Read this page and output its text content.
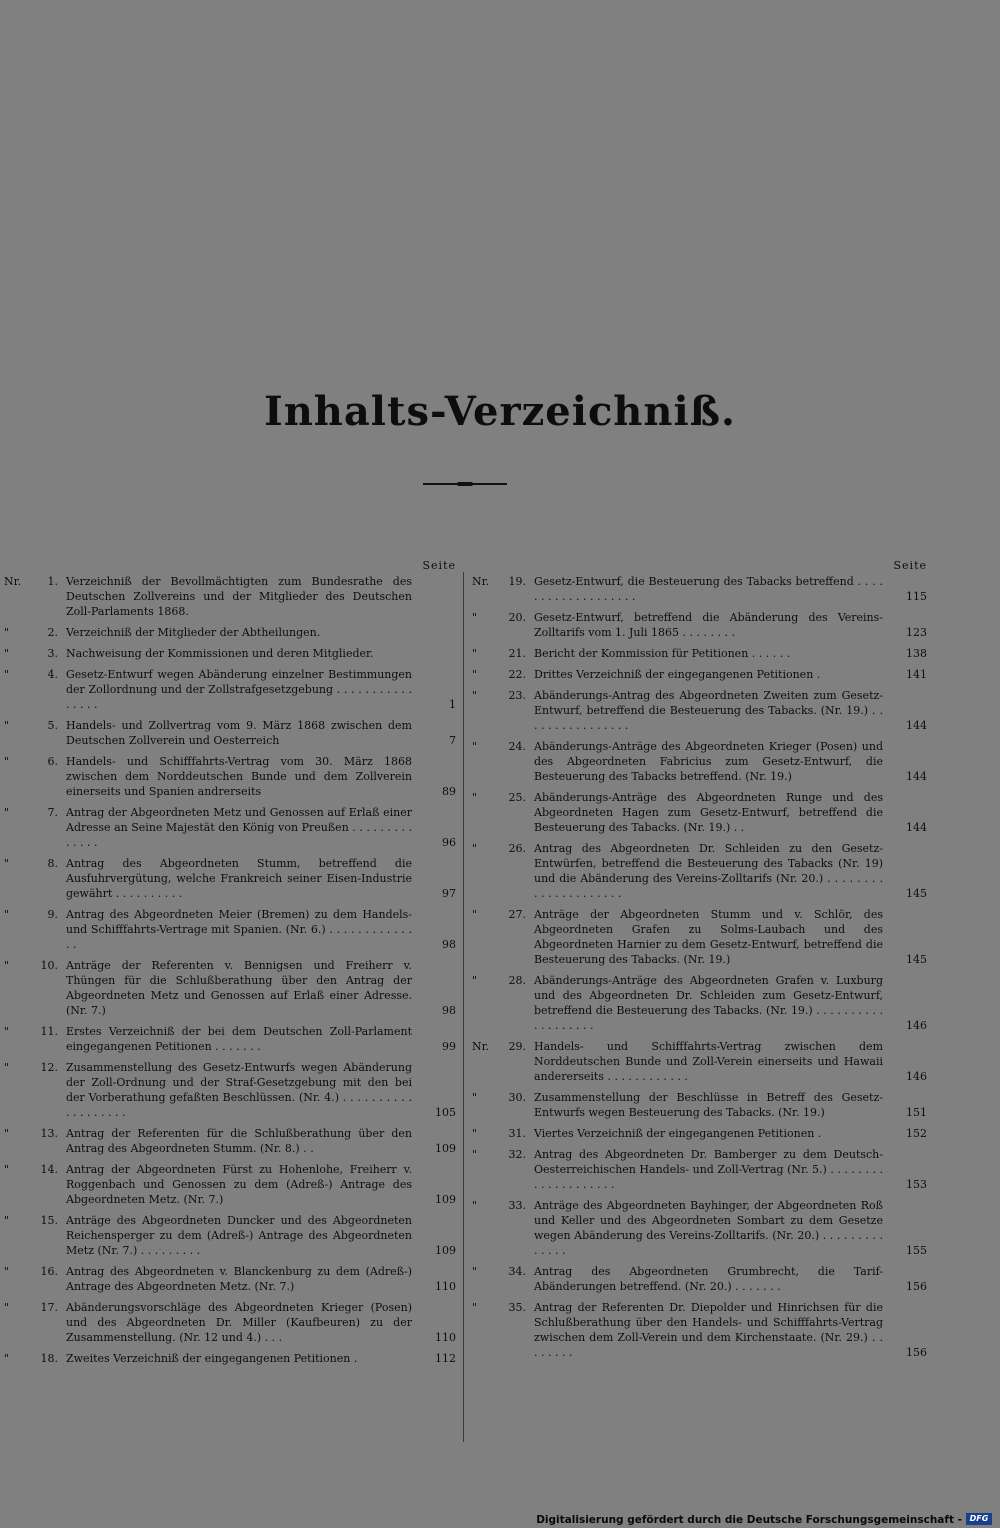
Inhalts-Verzeichniß.
Seite
Nr.	1. Verzeichniß der Bevollmächtigten zum Bundesrathe des Deutschen Zollvereins und der Mitglieder des Deutschen Zoll-Parlaments 1868.
"	2. Verzeichniß der Mitglieder der Abtheilungen.
"	3. Nachweisung der Kommissionen und deren Mitglieder.
"	4. Gesetz-Entwurf wegen Abänderung einzelner Bestimmungen der Zollordnung und der Zollstrafgesetzgebung . . . . . . . . . . . . . . . .	1
"	5. Handels- und Zollvertrag vom 9. März 1868 zwischen dem Deutschen Zollverein und Oesterreich	7
"	6. Handels- und Schifffahrts-Vertrag vom 30. März 1868 zwischen dem Norddeutschen Bunde und dem Zollverein einerseits und Spanien andrerseits	89
"	7. Antrag der Abgeordneten Metz und Genossen auf Erlaß einer Adresse an Seine Majestät den König von Preußen . . . . . . . . . . . . . .	96
"	8. Antrag des Abgeordneten Stumm, betreffend die Ausfuhrvergütung, welche Frankreich seiner Eisen-Industrie gewährt . . . . . . . . . .	97
"	9. Antrag des Abgeordneten Meier (Bremen) zu dem Handels- und Schifffahrts-Vertrage mit Spanien. (Nr. 6.) . . . . . . . . . . . . . .	98
"	10. Anträge der Referenten v. Bennigsen und Freiherr v. Thüngen für die Schlußberathung über den Antrag der Abgeordneten Metz und Genossen auf Erlaß einer Adresse. (Nr. 7.)	98
"	11. Erstes Verzeichniß der bei dem Deutschen Zoll-Parlament eingegangenen Petitionen . . . . . . .	99
"	12. Zusammenstellung des Gesetz-Entwurfs wegen Abänderung der Zoll-Ordnung und der Straf-Gesetzgebung mit den bei der Vorberathung gefaßten Beschlüssen. (Nr. 4.) . . . . . . . . . . . . . . . . . . .	105
"	13. Antrag der Referenten für die Schlußberathung über den Antrag des Abgeordneten Stumm. (Nr. 8.) . .	109
"	14. Antrag der Abgeordneten Fürst zu Hohenlohe, Freiherr v. Roggenbach und Genossen zu dem (Adreß-) Antrage des Abgeordneten Metz. (Nr. 7.)	109
"	15. Anträge des Abgeordneten Duncker und des Abgeordneten Reichensperger zu dem (Adreß-) Antrage des Abgeordneten Metz (Nr. 7.) . . . . . . . . .	109
"	16. Antrag des Abgeordneten v. Blanckenburg zu dem (Adreß-) Antrage des Abgeordneten Metz. (Nr. 7.)	110
"	17. Abänderungsvorschläge des Abgeordneten Krieger (Posen) und des Abgeordneten Dr. Miller (Kaufbeuren) zu der Zusammenstellung. (Nr. 12 und 4.) . . .	110
"	18. Zweites Verzeichniß der eingegangenen Petitionen .	112
Seite
Nr.	19. Gesetz-Entwurf, die Besteuerung des Tabacks betreffend . . . . . . . . . . . . . . . . . . .	115
"	20. Gesetz-Entwurf, betreffend die Abänderung des Vereins-Zolltarifs vom 1. Juli 1865 . . . . . . . .	123
"	21. Bericht der Kommission für Petitionen . . . . . .	138
"	22. Drittes Verzeichniß der eingegangenen Petitionen .	141
"	23. Abänderungs-Antrag des Abgeordneten Zweiten zum Gesetz-Entwurf, betreffend die Besteuerung des Tabacks. (Nr. 19.) . . . . . . . . . . . . . . . .	144
"	24. Abänderungs-Anträge des Abgeordneten Krieger (Posen) und des Abgeordneten Fabricius zum Gesetz-Entwurf, die Besteuerung des Tabacks betreffend. (Nr. 19.)	144
"	25. Abänderungs-Anträge des Abgeordneten Runge und des Abgeordneten Hagen zum Gesetz-Entwurf, betreffend die Besteuerung des Tabacks. (Nr. 19.) . .	144
"	26. Antrag des Abgeordneten Dr. Schleiden zu den Gesetz-Entwürfen, betreffend die Besteuerung des Tabacks (Nr. 19) und die Abänderung des Vereins-Zolltarifs (Nr. 20.) . . . . . . . . . . . . . . . . . . . . .	145
"	27. Anträge der Abgeordneten Stumm und v. Schlör, des Abgeordneten Grafen zu Solms-Laubach und des Abgeordneten Harnier zu dem Gesetz-Entwurf, betreffend die Besteuerung des Tabacks. (Nr. 19.)	145
"	28. Abänderungs-Anträge des Abgeordneten Grafen v. Luxburg und des Abgeordneten Dr. Schleiden zum Gesetz-Entwurf, betreffend die Besteuerung des Tabacks. (Nr. 19.) . . . . . . . . . . . . . . . . . . .	146
Nr.	29. Handels- und Schifffahrts-Vertrag zwischen dem Norddeutschen Bunde und Zoll-Verein einerseits und Hawaii andererseits . . . . . . . . . . . .	146
"	30. Zusammenstellung der Beschlüsse in Betreff des Gesetz-Entwurfs wegen Besteuerung des Tabacks. (Nr. 19.)	151
"	31. Viertes Verzeichniß der eingegangenen Petitionen .	152
"	32. Antrag des Abgeordneten Dr. Bamberger zu dem Deutsch-Oesterreichischen Handels- und Zoll-Vertrag (Nr. 5.) . . . . . . . . . . . . . . . . . . . .	153
"	33. Anträge des Abgeordneten Bayhinger, der Abgeordneten Roß und Keller und des Abgeordneten Sombart zu dem Gesetze wegen Abänderung des Vereins-Zolltarifs. (Nr. 20.) . . . . . . . . . . . . . .	155
"	34. Antrag des Abgeordneten Grumbrecht, die Tarif-Abänderungen betreffend. (Nr. 20.) . . . . . . .	156
"	35. Antrag der Referenten Dr. Diepolder und Hinrichsen für die Schlußberathung über den Handels- und Schifffahrts-Vertrag zwischen dem Zoll-Verein und dem Kirchenstaate. (Nr. 29.) . . . . . . . .	156
Digitalisierung gefördert durch die Deutsche Forschungsgemeinschaft - DFG
